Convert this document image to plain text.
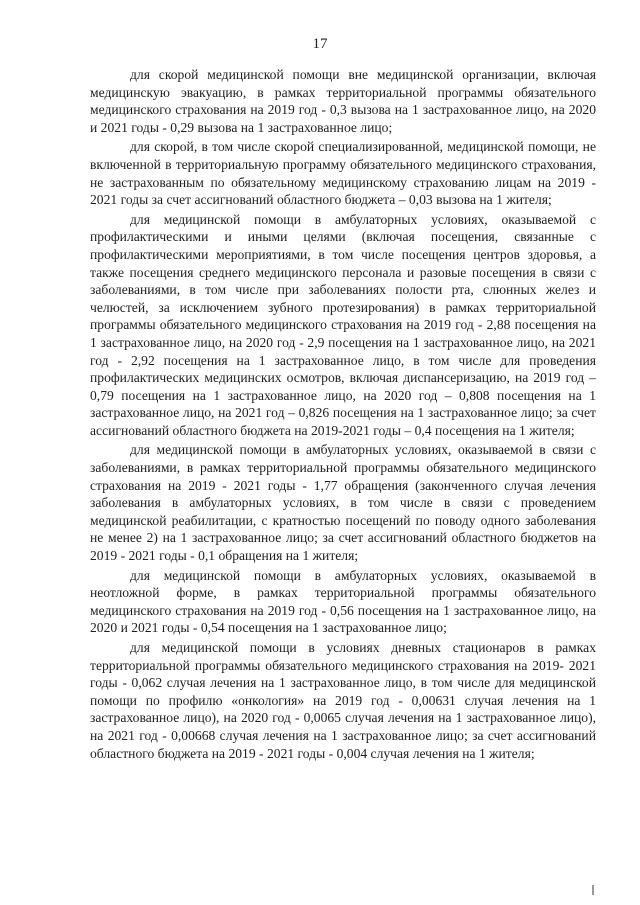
17

для скорой медицинской помощи вне медицинской организации, включая медицинскую эвакуацию, в рамках территориальной программы обязательного медицинского страхования на 2019 год - 0,3 вызова на 1 застрахованное лицо, на 2020 и 2021 годы - 0,29 вызова на 1 застрахованное лицо;

для скорой, в том числе скорой специализированной, медицинской помощи, не включенной в территориальную программу обязательного медицинского страхования, не застрахованным по обязательному медицинскому страхованию лицам на 2019 - 2021 годы за счет ассигнований областного бюджета – 0,03 вызова на 1 жителя;

для медицинской помощи в амбулаторных условиях, оказываемой с профилактическими и иными целями (включая посещения, связанные с профилактическими мероприятиями, в том числе посещения центров здоровья, а также посещения среднего медицинского персонала и разовые посещения в связи с заболеваниями, в том числе при заболеваниях полости рта, слюнных желез и челюстей, за исключением зубного протезирования) в рамках территориальной программы обязательного медицинского страхования на 2019 год - 2,88 посещения на 1 застрахованное лицо, на 2020 год - 2,9 посещения на 1 застрахованное лицо, на 2021 год - 2,92 посещения на 1 застрахованное лицо, в том числе для проведения профилактических медицинских осмотров, включая диспансеризацию, на 2019 год – 0,79 посещения на 1 застрахованное лицо, на 2020 год – 0,808 посещения на 1 застрахованное лицо, на 2021 год – 0,826 посещения на 1 застрахованное лицо; за счет ассигнований областного бюджета на 2019-2021 годы – 0,4 посещения на 1 жителя;

для медицинской помощи в амбулаторных условиях, оказываемой в связи с заболеваниями, в рамках территориальной программы обязательного медицинского страхования на 2019 - 2021 годы - 1,77 обращения (законченного случая лечения заболевания в амбулаторных условиях, в том числе в связи с проведением медицинской реабилитации, с кратностью посещений по поводу одного заболевания не менее 2) на 1 застрахованное лицо; за счет ассигнований областного бюджетов на 2019 - 2021 годы - 0,1 обращения на 1 жителя;

для медицинской помощи в амбулаторных условиях, оказываемой в неотложной форме, в рамках территориальной программы обязательного медицинского страхования на 2019 год - 0,56 посещения на 1 застрахованное лицо, на 2020 и 2021 годы - 0,54 посещения на 1 застрахованное лицо;

для медицинской помощи в условиях дневных стационаров в рамках территориальной программы обязательного медицинского страхования на 2019- 2021 годы - 0,062 случая лечения на 1 застрахованное лицо, в том числе для медицинской помощи по профилю «онкология» на 2019 год - 0,00631 случая лечения на 1 застрахованное лицо), на 2020 год - 0,0065 случая лечения на 1 застрахованное лицо), на 2021 год - 0,00668 случая лечения на 1 застрахованное лицо; за счет ассигнований областного бюджета на 2019 - 2021 годы - 0,004 случая лечения на 1 жителя;
